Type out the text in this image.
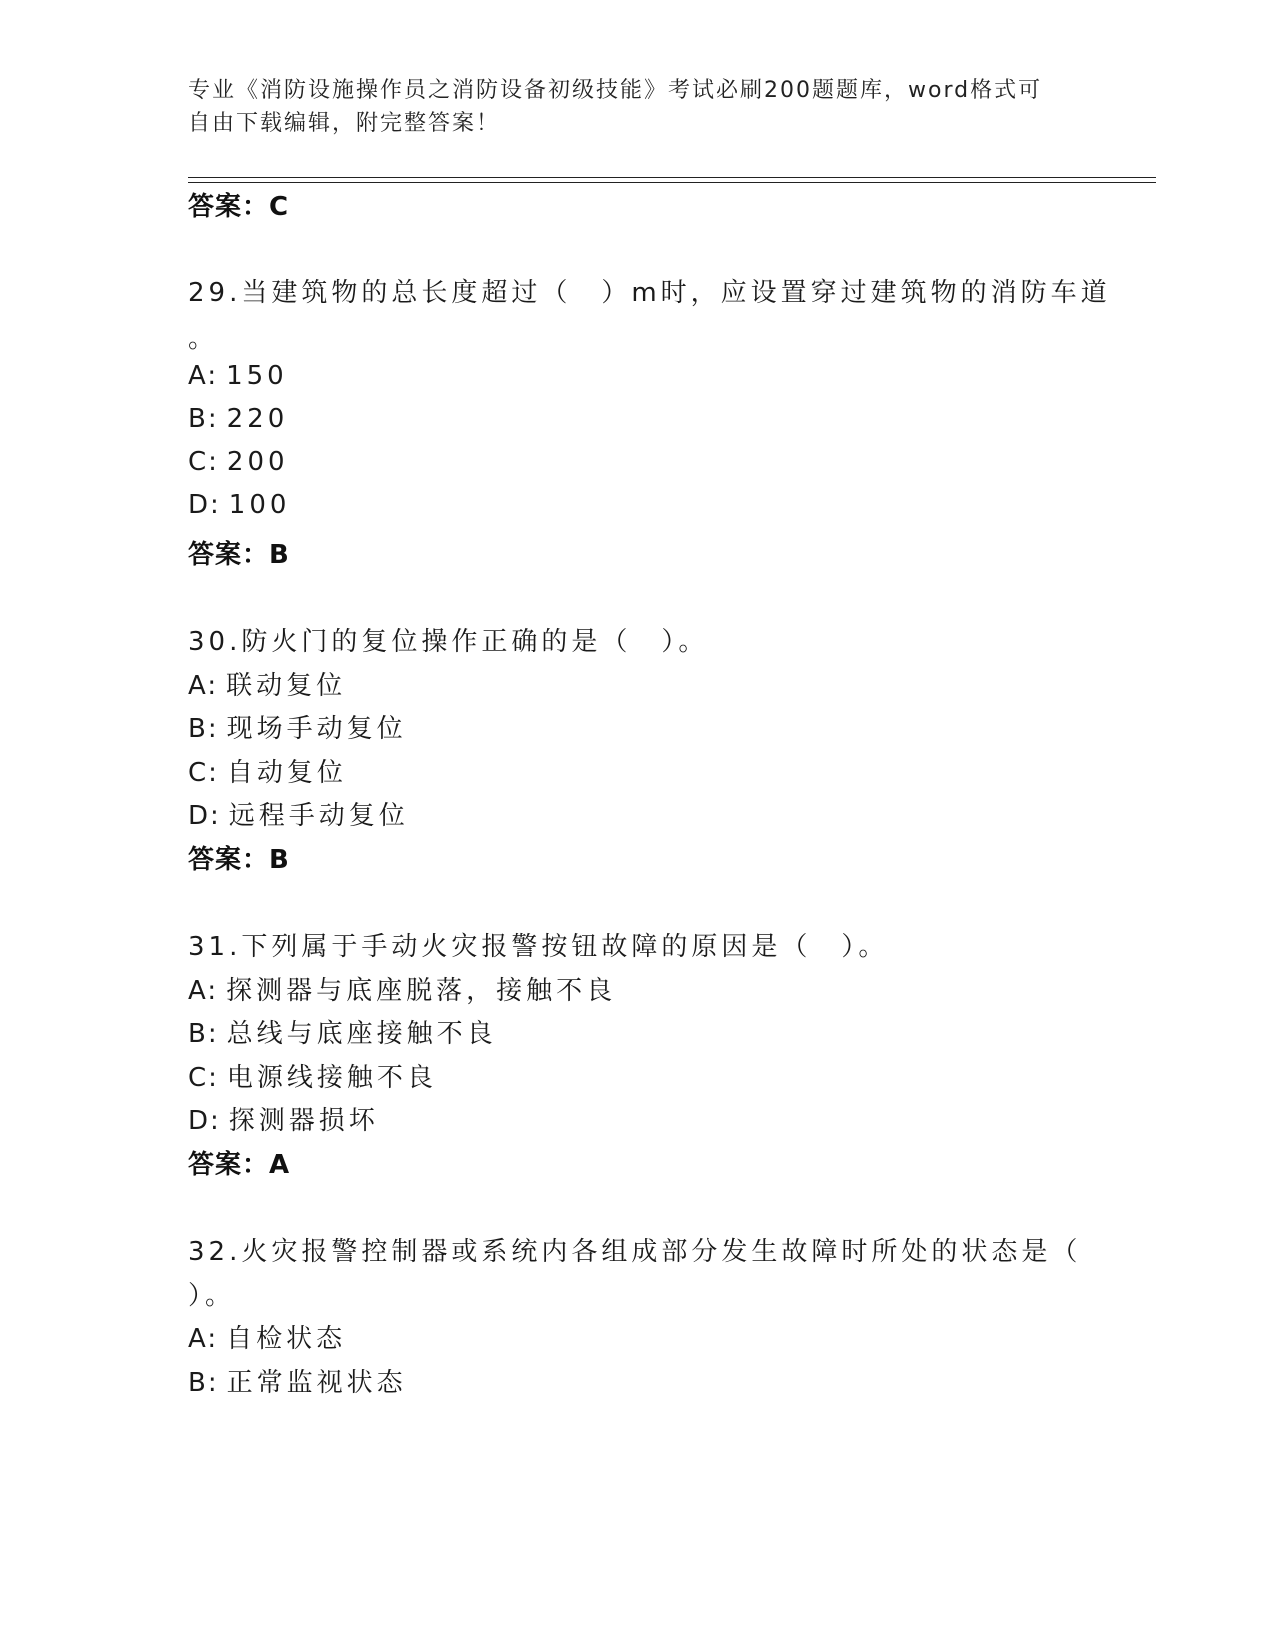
专业《消防设施操作员之消防设备初级技能》考试必刷200题题库，word格式可
自由下载编辑，附完整答案！
答案：C
29.当建筑物的总长度超过（　）m时，应设置穿过建筑物的消防车道
。
A: 150
B: 220
C: 200
D: 100
答案：B
30.防火门的复位操作正确的是（　）。
A: 联动复位
B: 现场手动复位
C: 自动复位
D: 远程手动复位
答案：B
31.下列属于手动火灾报警按钮故障的原因是（　）。
A: 探测器与底座脱落，接触不良
B: 总线与底座接触不良
C: 电源线接触不良
D: 探测器损坏
答案：A
32.火灾报警控制器或系统内各组成部分发生故障时所处的状态是（
）。
A: 自检状态
B: 正常监视状态
